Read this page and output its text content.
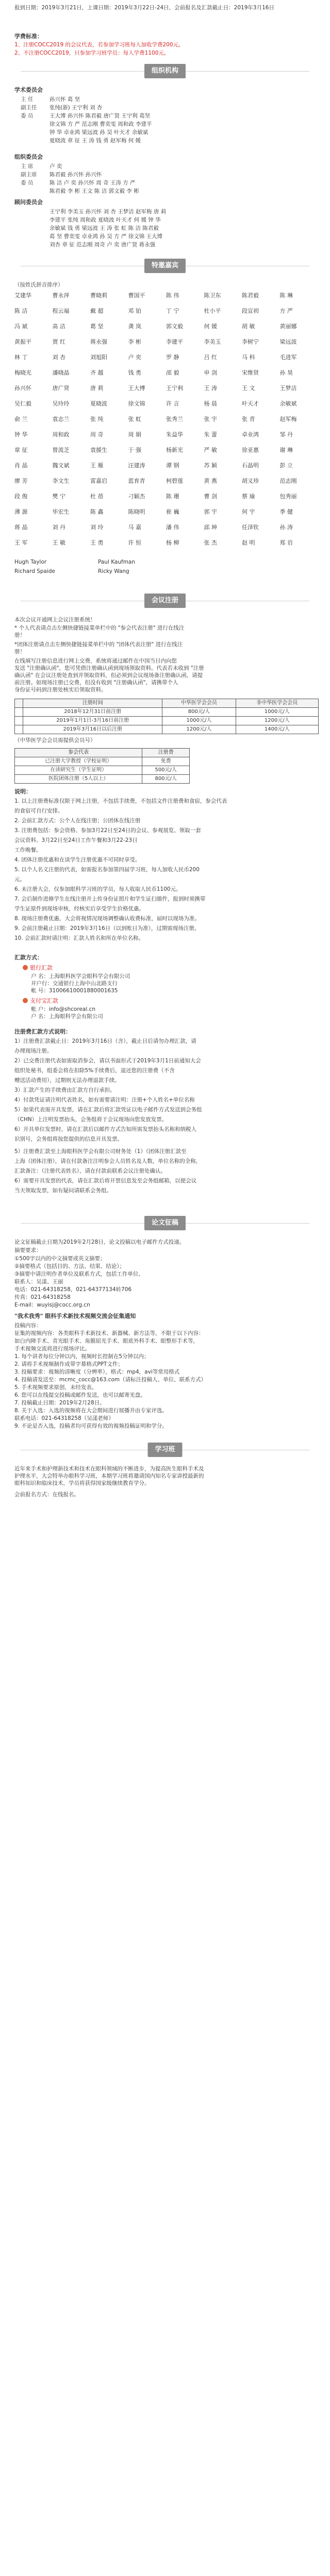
报到日期：2019年3月21日，上课日期：2019年3月22日-24日，会前报名及汇款截止日：2019年3月16日
学费标准：
1、注册COCC2019 的会议代表，若参加学习班每人加收学费200元。
2、不注册COCC2019，只参加学习班学员：每人学费1100元。
组织机构
学术委员会
组织委员会
顾问委员会
特邀嘉宾
（按姓氏拼音排序）
会议注册
本次会议开通网上会议注册系统！
* 个人代表请点击左侧快捷链接菜单栏中的 "参会代表注册" 进行在线注
册！
*团体注册请点击左侧快捷链接菜单栏中的 "团体代表注册" 进行在线注
册！
在线填写注册信息进行网上交费，系统将通过邮件在中国当日内向您
发送 "注册确认函"，您可凭借注册确认函到现场领取资料。代表若未收到 "注册
确认函" 在会议注册处查到并领取资料，但必须到会议现场备注册确认函，请提
前注册。如现场注册已交费，但没有收到 "注册确认函"，请携带个人
身份证号码到注册处核实后领取资料。
	注册时间	中华医学会会员	非中华医学会会员
	2018年12月31日前注册	800元/人	1000元/人
	2019年1月1日-3月16日前注册	1000元/人	1200元/人
	2019年3月16日以后注册	1200元/人	1400元/人
（中华医学会会员需提供会员号）
参会代表	注册费
已注册大学教授（学校证明）	免费
在读研究生（学生证明）	500元/人
医院团体注册（5人以上）	800元/人
说明：
汇款方式：
银行汇款
户 名：上海眼科医学会眼科学会有限公司
开户行：交通银行上海中山北路支行
帐 号：31006610001880001635
支付宝汇款
帐 户：info@shcoreal.cn
户 名：上海眼科学会有限公司
注册费汇款方式说明：
论文征稿
论文征稿截止日期为2019年2月28日，论文投稿以电子邮件方式投递。
摘要要求：
"我术我秀" 眼科手术新技术视频交流会征集通知
学习班
近年来手术和护理新技术和技术在眼科领域的不断进步，为提高医生眼科手术及
护理水平，大会特举办眼科学习班，本期学习班将邀请国内知名专家讲授最新的
眼科知识和临床技术，学员将获得国家级继续教育学分。
会前报名方式：在线报名。
主 任	孙兴怀 葛 坚
副主任	张纯(浙) 王宁利 刘 杏
委 员	王大博 孙兴怀 陈君毅 唐广贤 王宁利 葛坚
徐文锦 方 严 范志刚 曹奕雯 周和政 李建平
钟 华 卓业鸿 梁远波 孙 昊 叶天才 余敏斌
夏晓波 章 征 王 涛 钱 勇 赵军梅 何 媛
主 席	卢 奕
副主席	陈君毅 孙兴怀 孙兴怀
委 员	陈 洁 卢 奕 孙兴怀 周 奇 王涛 方 严
陈君毅 李 彬 王文 陈 洁 郭文毅 李 彬
王宁利 李美玉 孙兴怀 刘 杏 王梦洁 赵军梅 唐 莉
李建平 张纯 周和政 夏晓波 叶天才 何 媛 钟 华
余敏斌 钱 勇 梁远波 王 涛 张 虹 陈 洁 陈君毅
葛 坚 曹奕雯 卓业鸿 孙 昊 方 严 徐文锦 王大博
刘杏 章 征 范志刚 周奇 卢 奕 唐广贤 蒋永强
艾建华	曹永萍	曹晓莉	曹国平	陈 伟	陈卫东	陈君毅	陈 琳
陈 洁	程云福	戴 超	邓 铂	丁 宁	杜小平	段宣初	方 严
冯 斌	高 洁	葛 坚	龚 岚	郭文毅	何 媛	胡 敏	黄丽娜
黄振平	贾 红	蒋永强	李 彬	李建平	李美玉	李树宁	梁远波
林 丁	刘 杏	刘旭阳	卢 奕	罗 静	吕 红	马 科	毛进军
梅晓光	潘晓晶	齐 越	钱 勇	邵 毅	申 剑	宋维贤	孙 昊
孙兴怀	唐广贤	唐 莉	王大博	王宁利	王 涛	王 文	王梦洁
吴仁毅	吴玲玲	夏晓波	徐文锦	许 言	杨 晨	叶天才	余敏斌
俞 兰	袁志兰	张 纯	张 虹	张秀兰	张 宇	张 青	赵军梅
钟 华	周和政	周 奇	周 娟	朱益华	朱 蕾	卓业鸿	邹 丹
章 征	曾流芝	袁援生	于 强	杨新光	严 敏	徐亚惠	谢 琳
肖 晶	魏文斌	王 雁	汪建涛	谭 钢	苏 颖	石晶明	彭 立
廖 芳	李文生	雷嘉启	蓝育青	柯碧莲	黄 燕	胡义珍	范志刚
段 俊	樊 宁	杜 蓓	刁颖杰	陈 珊	曹 剑	蔡 瑜	包秀丽
薄 源	毕宏生	陈 鑫	陈晓明	崔 巍	郭 宇	何 宇	季 健
蒋 晶	刘 丹	刘 玲	马 嘉	潘 伟	邱 坤	任泽钦	孙 涛
王 军	王 敏	王 勇	许 恒	杨 柳	张 杰	赵 明	郑 岩
Hugh Taylor	Paul Kaufman
Richard Spaide	Ricky Wang
1. 以上注册费标准仅限于网上注册，不包括手续费，不包括文件注册费和食宿，参会代表
的食宿可自行安排。
2. 会前汇款方式：公个人在线注册；公团体在线注册
3. 注册费包括：参会资格、参加3月22日至24日的会议、参观展览、领取一套
会议资料、3月22日至24日工作午餐和3月22-23日
工作晚餐。
4. 团体注册优惠和在读学生注册优惠不可同时享受。
5. 以个人名义注册的代表，如需报名参加第四届学习班，每人加收人民币200
元。
6. 未注册大会，仅参加眼科学习班的学员，每人收取人民币1100元。
7. 会后制作进修学生在线注册并上传身份证照片和学生证扫描件，报到时须携带
学生证原件到现场审核，经核实后享受学生价格优惠。
8. 现场注册费优惠，大会将视情况现场调整确认收费标准，届时以现场为准。
9. 会前注册截止日期：2019年3月16日（以到账日为准），过期需现场注册。
10. 会前汇款时请注明：汇款人姓名和所在单位名称。
1）注册费汇款截止日：2019年3月16日（含），截止日后请勿办理汇款，请
办理现场注册。
2）已交费注册代表如需取消参会，请以书面形式于2019年3月1日前通知大会
组织处秘书，组委会将在扣除5%手续费后，退还您的注册费（不含
赠送活动费用），过期则无法办理退款手续。
3）汇款产生的手续费由汇款方自行承担。
4）付款凭证请注明代表姓名，如有需要请注明：注册+个人姓名+单位名称
5）如果代表需开具发票，请在汇款后将汇款凭证以电子邮件方式发送到会务组
（CHN）上注明发票抬头，会务组将于会议现场向您发放发票。
6）开具单位发票时，请在汇款后以邮件方式告知所需发票抬头名称和纳税人
识别号，会务组将按您提供的信息开具发票。
5）注册费汇款至上海眼科医学会有限公司财务处（1）（团体注册汇款至
上海（团体注册），请在付款备注注明参会人员姓名及人数，单位名称的全称，
汇款备注：（注册代表姓名），请在付款前联系会议注册处确认。
6）需要开具发票的代表，请在汇款后将开票信息发至会务组邮箱，以便会议
当天领取发票，如有疑问请联系会务组。
①500字以内的中文摘要或英文摘要；
②摘要格式（包括目的、方法、结果、结论）；
③摘要中请注明作者单位及联系方式，包括工作单位、
联系人：吴漾、王丽
电话：021-64318258，021-64377134转706
传真：021-64318258
E-mail：wuyisj@cocc.org.cn
投稿内容：
征集的视频内容：各类眼科手术新技术、新器械、新方法等，不限于以下内容：
如白内障手术、青光眼手术、角膜屈光手术、眼底外科手术、眼整形手术等，
手术视频交流将进行现场评比。
1. 每个讲者每位分钟以内，视频时长控制在5分钟以内；
2. 请将手术视频制作成带字幕格式PPT文件；
3. 投稿要求：视频的清晰度（分辨率），格式：mp4，avi等常用格式
4. 投稿请发送至：mcmc_cocc@163.com（请标注投稿人、单位、联系方式）
5. 手术视频要求原创，未经发表。
6. 您可以在线提交投稿或邮件发送，也可以邮寄光盘。
7. 投稿截止日期：2019年2月28日。
8. 关于入选：入选的视频将在大会期间进行展播并由专家评选。
联系电话：021-64318258（吴漾老师）
9. 不论是否入选，投稿者均可获得有效的视频投稿证明和学分。
